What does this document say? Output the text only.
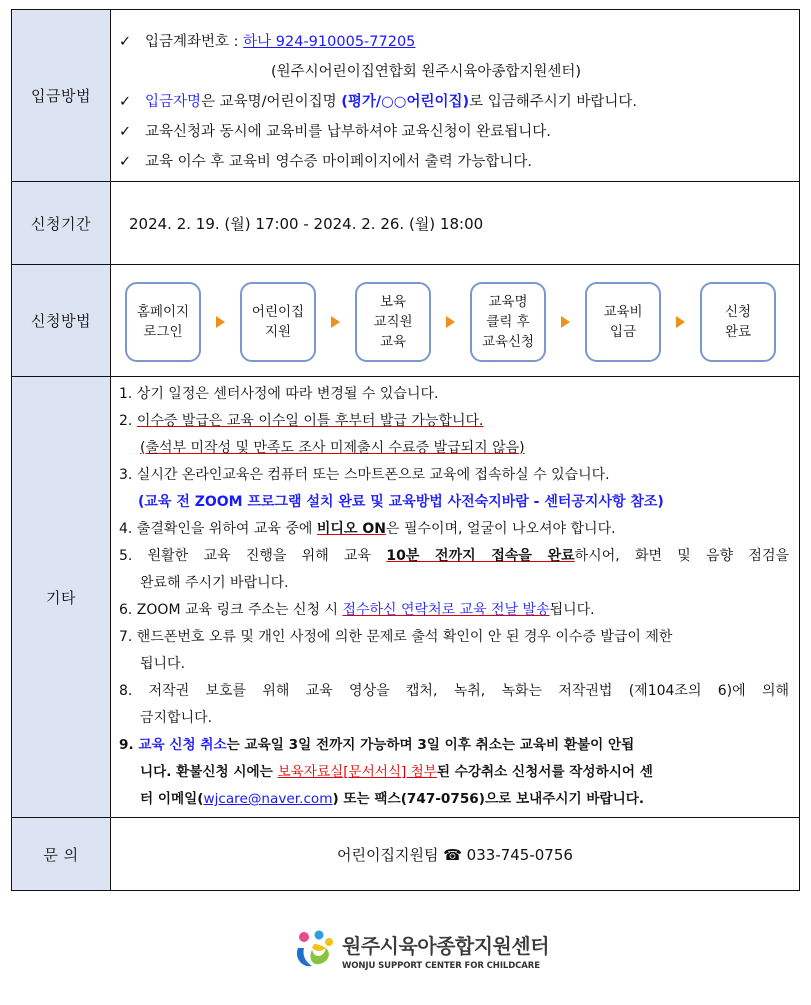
입금방법
✓ 입금계좌번호 : 하나 924-910005-77205
(원주시어린이집연합회 원주시육아종합지원센터)
✓ 입금자명은 교육명/어린이집명 (평가/○○어린이집)로 입금해주시기 바랍니다.
✓ 교육신청과 동시에 교육비를 납부하셔야 교육신청이 완료됩니다.
✓ 교육 이수 후 교육비 영수증 마이페이지에서 출력 가능합니다.
신청기간	2024. 2. 19. (월) 17:00 - 2024. 2. 26. (월) 18:00
신청방법	홈페이지
로그인
어린이집
지원
보육
교직원
교육
교육명
클릭 후
교육신청
교육비
입금
신청
완료
기타
1. 상기 일정은 센터사정에 따라 변경될 수 있습니다.
2. 이수증 발급은 교육 이수일 이틀 후부터 발급 가능합니다.
(출석부 미작성 및 만족도 조사 미제출시 수료증 발급되지 않음)
3. 실시간 온라인교육은 컴퓨터 또는 스마트폰으로 교육에 접속하실 수 있습니다.
(교육 전 ZOOM 프로그램 설치 완료 및 교육방법 사전숙지바람 - 센터공지사항 참조)
4. 출결확인을 위하여 교육 중에 비디오 ON은 필수이며, 얼굴이 나오셔야 합니다.
5. 원활한 교육 진행을 위해 교육 10분 전까지 접속을 완료하시어, 화면 및 음향 점검을
완료해 주시기 바랍니다.
6. ZOOM 교육 링크 주소는 신청 시 접수하신 연락처로 교육 전날 발송됩니다.
7. 핸드폰번호 오류 및 개인 사정에 의한 문제로 출석 확인이 안 된 경우 이수증 발급이 제한
됩니다.
8. 저작권 보호를 위해 교육 영상을 캡처, 녹취, 녹화는 저작권법 (제104조의 6)에 의해
금지합니다.
9. 교육 신청 취소는 교육일 3일 전까지 가능하며 3일 이후 취소는 교육비 환불이 안됩
니다. 환불신청 시에는 보육자료실[문서서식] 첨부된 수강취소 신청서를 작성하시어 센
터 이메일(wjcare@naver.com) 또는 팩스(747-0756)으로 보내주시기 바랍니다.
문 의	어린이집지원팀 ☎ 033-745-0756
원주시육아종합지원센터
WONJU SUPPORT CENTER FOR CHILDCARE
